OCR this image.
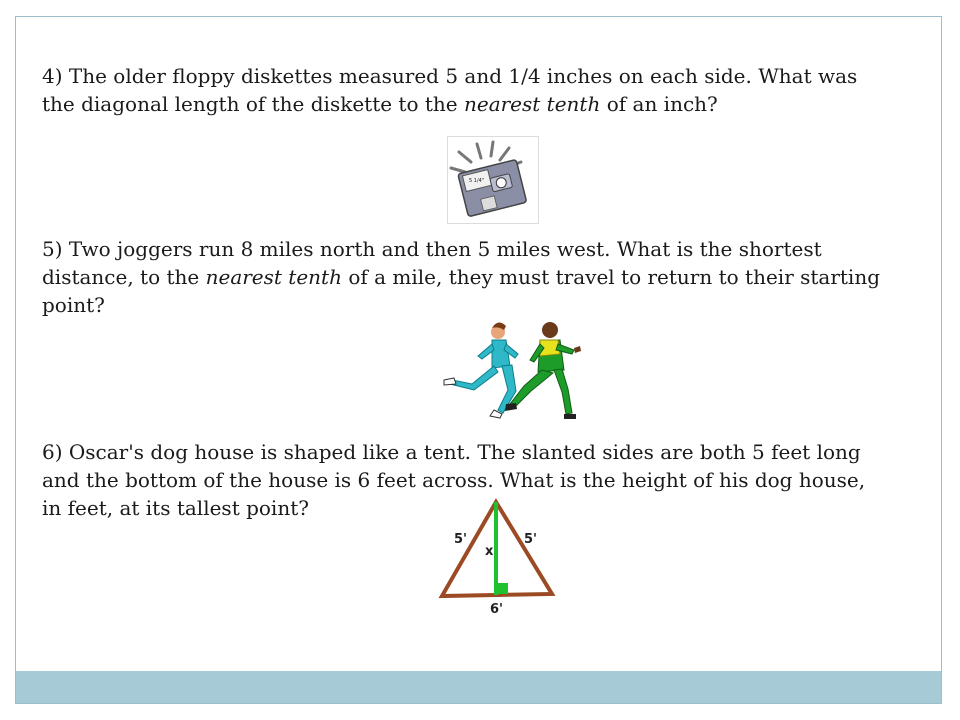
4) The older floppy diskettes measured 5 and 1/4 inches on each side. What was the diagonal length of the diskette to the nearest tenth of an inch?

5 1/4"

5) Two joggers run 8 miles north and then 5 miles west. What is the shortest distance, to the nearest tenth of a mile, they must travel to return to their starting point?

6) Oscar's dog house is shaped like a tent. The slanted sides are both 5 feet long and the bottom of the house is 6 feet across. What is the height of his dog house, in feet, at its tallest point?

5'	5'
x
6'
